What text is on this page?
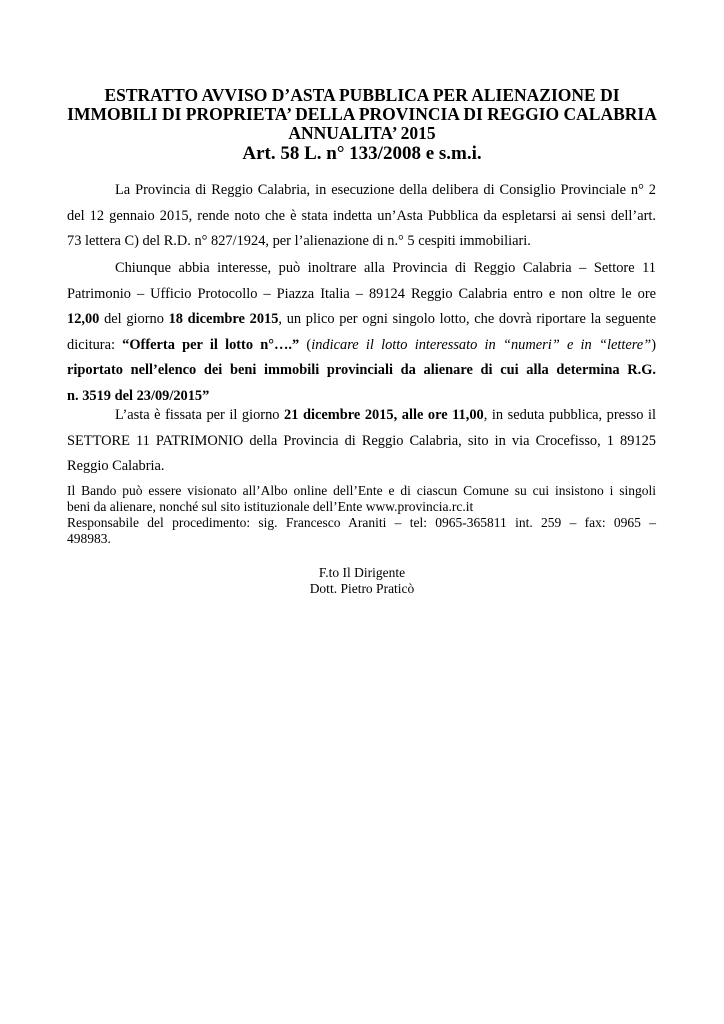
ESTRATTO AVVISO D’ASTA PUBBLICA PER ALIENAZIONE DI
IMMOBILI DI PROPRIETA’ DELLA PROVINCIA DI REGGIO CALABRIA
ANNUALITA’ 2015
Art. 58 L. n° 133/2008 e s.m.i.
La Provincia di Reggio Calabria, in esecuzione della delibera di Consiglio Provinciale n° 2
del 12 gennaio 2015, rende noto che è stata indetta un’Asta Pubblica da espletarsi ai sensi dell’art.
73 lettera C) del R.D. n° 827/1924, per l’alienazione di n.° 5 cespiti immobiliari.
Chiunque abbia interesse, può inoltrare alla Provincia di Reggio Calabria – Settore 11
Patrimonio – Ufficio Protocollo – Piazza Italia – 89124 Reggio Calabria entro e non oltre le ore
12,00 del giorno 18 dicembre 2015, un plico per ogni singolo lotto, che dovrà riportare la seguente
dicitura: “Offerta per il lotto n°….” (indicare il lotto interessato in “numeri” e in “lettere”)
riportato nell’elenco dei beni immobili provinciali da alienare di cui alla determina R.G.
n. 3519 del 23/09/2015”
L’asta è fissata per il giorno 21 dicembre 2015, alle ore 11,00, in seduta pubblica, presso il
SETTORE 11 PATRIMONIO della Provincia di Reggio Calabria, sito in via Crocefisso, 1 89125
Reggio Calabria.
Il Bando può essere visionato all’Albo online dell’Ente e di ciascun Comune su cui insistono i singoli
beni da alienare, nonché sul sito istituzionale dell’Ente www.provincia.rc.it
Responsabile del procedimento: sig. Francesco Araniti – tel: 0965-365811 int. 259 – fax: 0965 –
498983.
F.to Il Dirigente
Dott. Pietro Praticò
